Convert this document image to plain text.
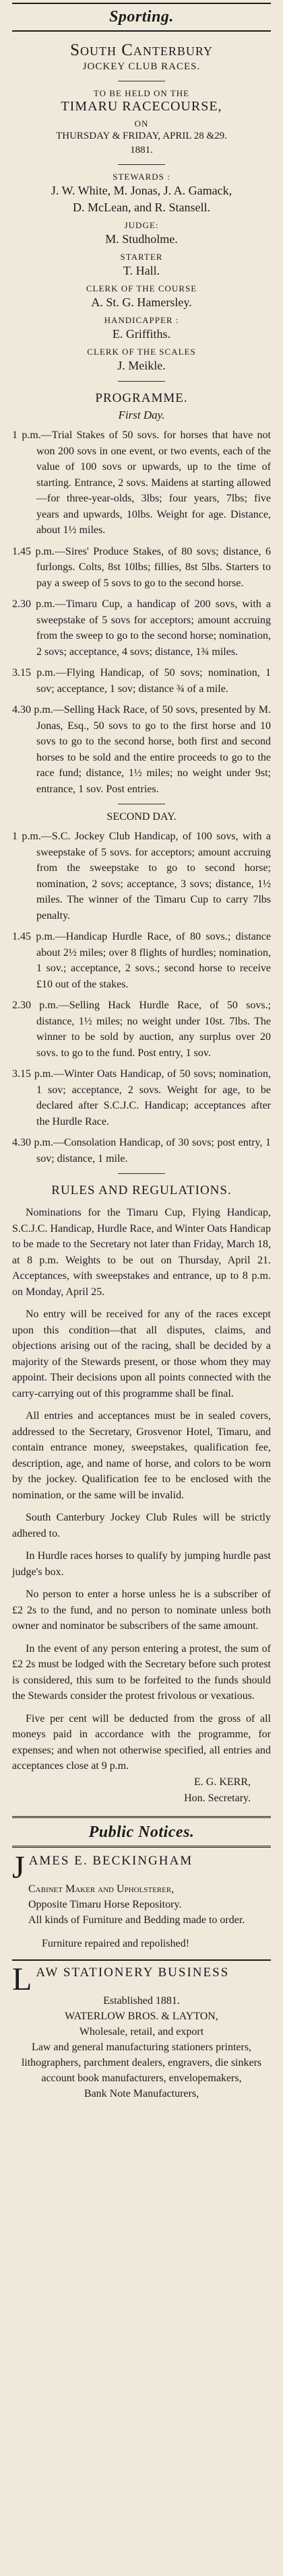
Sporting.
South Canterbury
JOCKEY CLUB RACES.
TO BE HELD ON THE
TIMARU RACECOURSE,
ON
THURSDAY & FRIDAY, APRIL 28 &29.
1881.
STEWARDS :
J. W. White, M. Jonas, J. A. Gamack,
D. McLean, and R. Stansell.
JUDGE:
M. Studholme.
STARTER
T. Hall.
CLERK OF THE COURSE
A. St. G. Hamersley.
HANDICAPPER :
E. Griffiths.
CLERK OF THE SCALES
J. Meikle.
PROGRAMME.
First Day.

1 p.m.—Trial Stakes of 50 sovs. for horses that have not won 200 sovs in one event, or two events, each of the value of 100 sovs or upwards, up to the time of starting. Entrance, 2 sovs. Maidens at starting allowed—for three-year-olds, 3lbs; four years, 7lbs; five years and upwards, 10lbs. Weight for age. Distance, about 1½ miles.

1.45 p.m.—Sires' Produce Stakes, of 80 sovs; distance, 6 furlongs. Colts, 8st 10lbs; fillies, 8st 5lbs. Starters to pay a sweep of 5 sovs to go to the second horse.

2.30 p.m.—Timaru Cup, a handicap of 200 sovs, with a sweepstake of 5 sovs for acceptors; amount accruing from the sweep to go to the second horse; nomination, 2 sovs; acceptance, 4 sovs; distance, 1¾ miles.

3.15 p.m.—Flying Handicap, of 50 sovs; nomination, 1 sov; acceptance, 1 sov; distance ¾ of a mile.

4.30 p.m.—Selling Hack Race, of 50 sovs, presented by M. Jonas, Esq., 50 sovs to go to the first horse and 10 sovs to go to the second horse, both first and second horses to be sold and the entire proceeds to go to the race fund; distance, 1½ miles; no weight under 9st; entrance, 1 sov. Post entries.

SECOND DAY.

1 p.m.—S.C. Jockey Club Handicap, of 100 sovs, with a sweepstake of 5 sovs. for acceptors; amount accruing from the sweepstake to go to second horse; nomination, 2 sovs; acceptance, 3 sovs; distance, 1½ miles. The winner of the Timaru Cup to carry 7lbs penalty.

1.45 p.m.—Handicap Hurdle Race, of 80 sovs.; distance about 2½ miles; over 8 flights of hurdles; nomination, 1 sov.; acceptance, 2 sovs.; second horse to receive £10 out of the stakes.

2.30 p.m.—Selling Hack Hurdle Race, of 50 sovs.; distance, 1½ miles; no weight under 10st. 7lbs. The winner to be sold by auction, any surplus over 20 sovs. to go to the fund. Post entry, 1 sov.

3.15 p.m.—Winter Oats Handicap, of 50 sovs; nomination, 1 sov; acceptance, 2 sovs. Weight for age, to be declared after S.C.J.C. Handicap; acceptances after the Hurdle Race.

4.30 p.m.—Consolation Handicap, of 30 sovs; post entry, 1 sov; distance, 1 mile.

RULES AND REGULATIONS.

Nominations for the Timaru Cup, Flying Handicap, S.C.J.C. Handicap, Hurdle Race, and Winter Oats Handicap to be made to the Secretary not later than Friday, March 18, at 8 p.m. Weights to be out on Thursday, April 21. Acceptances, with sweepstakes and entrance, up to 8 p.m. on Monday, April 25.

No entry will be received for any of the races except upon this condition—that all disputes, claims, and objections arising out of the racing, shall be decided by a majority of the Stewards present, or those whom they may appoint. Their decisions upon all points connected with the carry-carrying out of this programme shall be final.

All entries and acceptances must be in sealed covers, addressed to the Secretary, Grosvenor Hotel, Timaru, and contain entrance money, sweepstakes, qualification fee, description, age, and name of horse, and colors to be worn by the jockey. Qualification fee to be enclosed with the nomination, or the same will be invalid.

South Canterbury Jockey Club Rules will be strictly adhered to.

In Hurdle races horses to qualify by jumping hurdle past judge's box.

No person to enter a horse unless he is a subscriber of £2 2s to the fund, and no person to nominate unless both owner and nominator be subscribers of the same amount.

In the event of any person entering a protest, the sum of £2 2s must be lodged with the Secretary before such protest is considered, this sum to be forfeited to the funds should the Stewards consider the protest frivolous or vexatious.

Five per cent will be deducted from the gross of all moneys paid in accordance with the programme, for expenses; and when not otherwise specified, all entries and acceptances close at 9 p.m.

E. G. KERR,
Hon. Secretary.
Public Notices.
J AMES E. BECKINGHAM
Cabinet Maker and Upholsterer,
Opposite Timaru Horse Repository.
All kinds of Furniture and Bedding made to order.
Furniture repaired and repolished!
L AW STATIONERY BUSINESS
Established 1881.
WATERLOW BROS. & LAYTON,
Wholesale, retail, and export
Law and general manufacturing stationers printers, lithographers, parchment dealers, engravers, die sinkers account book manufacturers, envelopemakers,
Bank Note Manufacturers,
